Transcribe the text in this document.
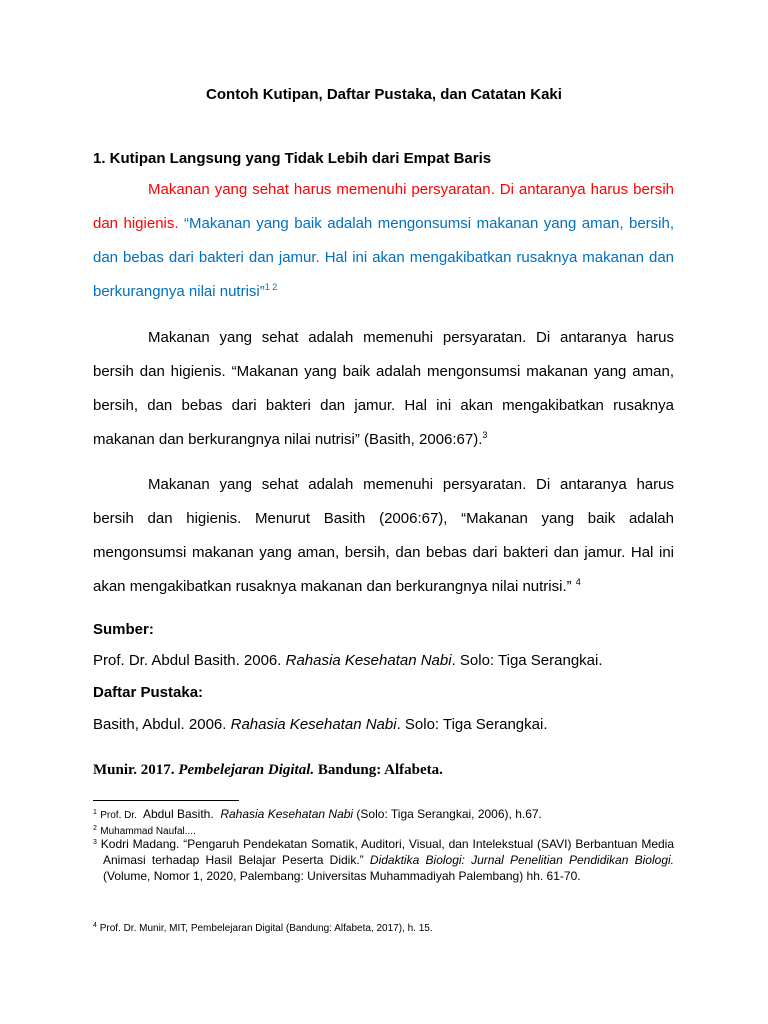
Contoh Kutipan, Daftar Pustaka, dan Catatan Kaki
1. Kutipan Langsung yang Tidak Lebih dari Empat Baris
Makanan yang sehat harus memenuhi persyaratan. Di antaranya harus bersih dan higienis. “Makanan yang baik adalah mengonsumsi makanan yang aman, bersih, dan bebas dari bakteri dan jamur. Hal ini akan mengakibatkan rusaknya makanan dan berkurangnya nilai nutrisi”$^{1 2}$
Makanan yang sehat adalah memenuhi persyaratan. Di antaranya harus bersih dan higienis. “Makanan yang baik adalah mengonsumsi makanan yang aman, bersih, dan bebas dari bakteri dan jamur. Hal ini akan mengakibatkan rusaknya makanan dan berkurangnya nilai nutrisi” (Basith, 2006:67).$^3$
Makanan yang sehat adalah memenuhi persyaratan. Di antaranya harus bersih dan higienis. Menurut Basith (2006:67), “Makanan yang baik adalah mengonsumsi makanan yang aman, bersih, dan bebas dari bakteri dan jamur. Hal ini akan mengakibatkan rusaknya makanan dan berkurangnya nilai nutrisi.” $^4$
Sumber:
Prof. Dr. Abdul Basith. 2006. Rahasia Kesehatan Nabi. Solo: Tiga Serangkai.
Daftar Pustaka:
Basith, Abdul. 2006. Rahasia Kesehatan Nabi. Solo: Tiga Serangkai.
Munir. 2017. Pembelejaran Digital. Bandung: Alfabeta.
$^1$ Prof. Dr.  Abdul Basith.  Rahasia Kesehatan Nabi (Solo: Tiga Serangkai, 2006), h.67.
$^2$ Muhammad Naufal....
$^3$ Kodri Madang. “Pengaruh Pendekatan Somatik, Auditori, Visual, dan Intelekstual (SAVI) Berbantuan Media Animasi terhadap Hasil Belajar Peserta Didik.” Didaktika Biologi: Jurnal Penelitian Pendidikan Biologi. (Volume, Nomor 1, 2020, Palembang: Universitas Muhammadiyah Palembang) hh. 61-70.
$^4$ Prof. Dr. Munir, MIT, Pembelejaran Digital (Bandung: Alfabeta, 2017), h. 15.
